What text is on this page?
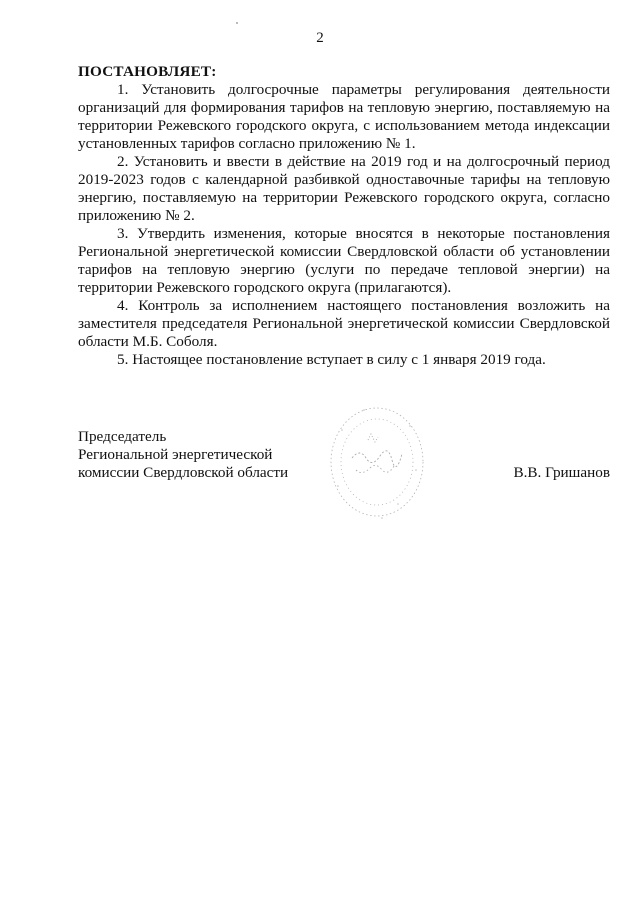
2

ПОСТАНОВЛЯЕТ:

1. Установить долгосрочные параметры регулирования деятельности организаций для формирования тарифов на тепловую энергию, поставляемую на территории Режевского городского округа, с использованием метода индексации установленных тарифов согласно приложению № 1.

2. Установить и ввести в действие на 2019 год и на долгосрочный период 2019-2023 годов с календарной разбивкой одноставочные тарифы на тепловую энергию, поставляемую на территории Режевского городского округа, согласно приложению № 2.

3. Утвердить изменения, которые вносятся в некоторые постановления Региональной энергетической комиссии Свердловской области об установлении тарифов на тепловую энергию (услуги по передаче тепловой энергии) на территории Режевского городского округа (прилагаются).

4. Контроль за исполнением настоящего постановления возложить на заместителя председателя Региональной энергетической комиссии Свердловской области М.Б. Соболя.

5. Настоящее постановление вступает в силу с 1 января 2019 года.

Председатель
Региональной энергетической
комиссии Свердловской области	В.В. Гришанов
